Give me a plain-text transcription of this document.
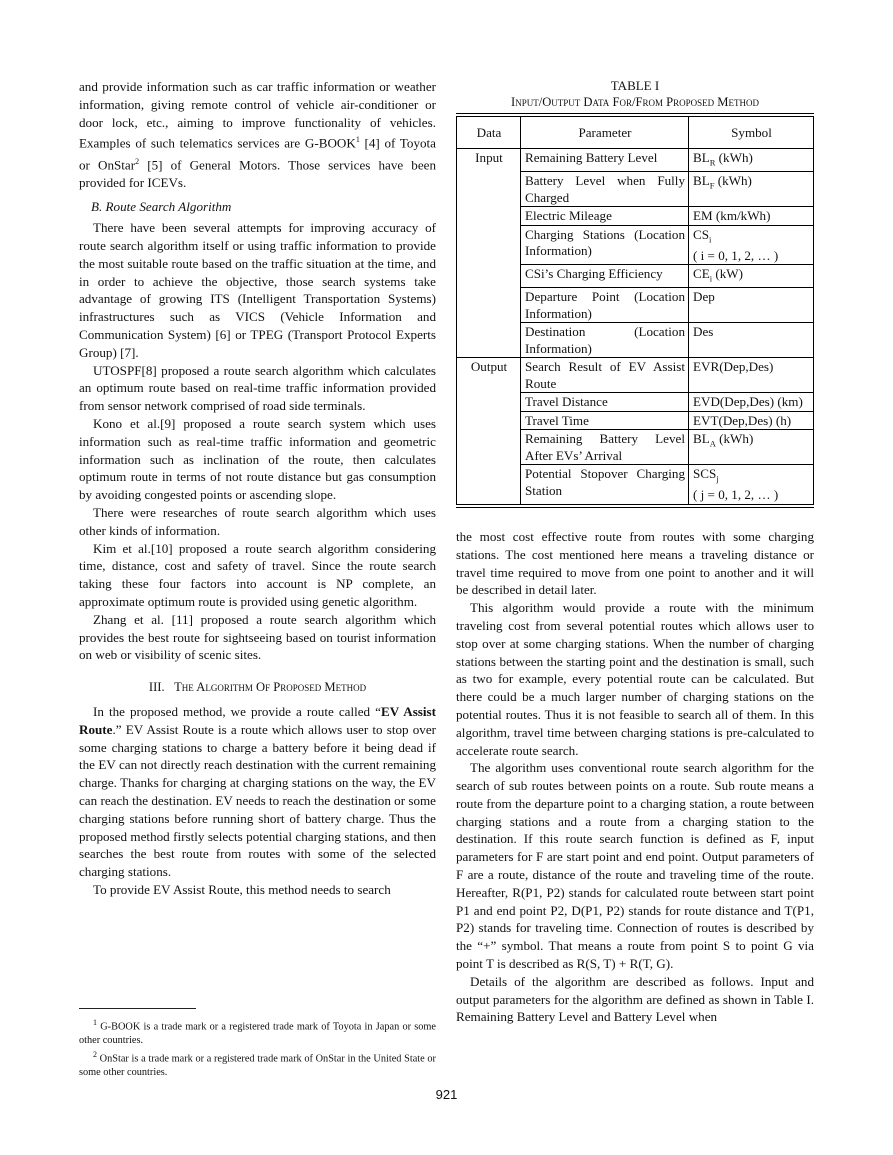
and provide information such as car traffic information or weather information, giving remote control of vehicle air-conditioner or door lock, etc., aiming to improve functionality of vehicles. Examples of such telematics services are G-BOOK$^1$ [4] of Toyota or OnStar$^2$ [5] of General Motors. Those services have been provided for ICEVs.

B. Route Search Algorithm

There have been several attempts for improving accuracy of route search algorithm itself or using traffic information to provide the most suitable route based on the traffic situation at the time, and in order to achieve the objective, those search systems take advantage of growing ITS (Intelligent Transportation Systems) infrastructures such as VICS (Vehicle Information and Communication System) [6] or TPEG (Transport Protocol Experts Group) [7].

UTOSPF[8] proposed a route search algorithm which calculates an optimum route based on real-time traffic information provided from sensor network comprised of road side terminals.

Kono et al.[9] proposed a route search system which uses information such as real-time traffic information and geometric information such as inclination of the route, then calculates optimum route in terms of not route distance but gas consumption by avoiding congested points or ascending slope.

There were researches of route search algorithm which uses other kinds of information.

Kim et al.[10] proposed a route search algorithm considering time, distance, cost and safety of travel. Since the route search taking these four factors into account is NP complete, an approximate optimum route is provided using genetic algorithm.

Zhang et al. [11] proposed a route search algorithm which provides the best route for sightseeing based on tourist information on web or visibility of scenic sites.

III. The Algorithm Of Proposed Method

In the proposed method, we provide a route called “EV Assist Route.” EV Assist Route is a route which allows user to stop over some charging stations to charge a battery before it being dead if the EV can not directly reach destination with the current remaining charge. Thanks for charging at charging stations on the way, the EV can reach the destination. EV needs to reach the destination or some charging stations before running short of battery charge. Thus the proposed method firstly selects potential charging stations, and then searches the best route from routes with some of the selected charging stations.

To provide EV Assist Route, this method needs to search

$^1$ G-BOOK is a trade mark or a registered trade mark of Toyota in Japan or some other countries.

$^2$ OnStar is a trade mark or a registered trade mark of OnStar in the United State or some other countries.

TABLE I
Input/Output Data For/From Proposed Method
Data	Parameter	Symbol
Input	Remaining Battery Level	$BL_R$ (kWh)
	Battery Level when Fully Charged	$BL_F$ (kWh)
	Electric Mileage	EM (km/kWh)
	Charging Stations (Location Information)	$CS_i$
( i = 0, 1, 2, … )
	CSi’s Charging Efficiency	$CE_i$ (kW)
	Departure Point (Location Information)	Dep
	Destination (Location Information)	Des
Output	Search Result of EV Assist Route	EVR(Dep,Des)
	Travel Distance	EVD(Dep,Des) (km)
	Travel Time	EVT(Dep,Des) (h)
	Remaining Battery Level After EVs’ Arrival	$BL_A$ (kWh)
	Potential Stopover Charging Station	$SCS_j$
( j = 0, 1, 2, … )

the most cost effective route from routes with some charging stations. The cost mentioned here means a traveling distance or travel time required to move from one point to another and it will be described in detail later.

This algorithm would provide a route with the minimum traveling cost from several potential routes which allows user to stop over at some charging stations. When the number of charging stations between the starting point and the destination is small, such as two for example, every potential route can be calculated. But there could be a much larger number of charging stations on the potential routes. Thus it is not feasible to search all of them. In this algorithm, travel time between charging stations is pre-calculated to accelerate route search.

The algorithm uses conventional route search algorithm for the search of sub routes between points on a route. Sub route means a route from the departure point to a charging station, a route between charging stations and a route from a charging station to the destination. If this route search function is defined as F, input parameters for F are start point and end point. Output parameters of F are a route, distance of the route and traveling time of the route. Hereafter, R(P1, P2) stands for calculated route between start point P1 and end point P2, D(P1, P2) stands for route distance and T(P1, P2) stands for traveling time. Connection of routes is described by the “+” symbol. That means a route from point S to point G via point T is described as R(S, T) + R(T, G).

Details of the algorithm are described as follows. Input and output parameters for the algorithm are defined as shown in Table I. Remaining Battery Level and Battery Level when

921
